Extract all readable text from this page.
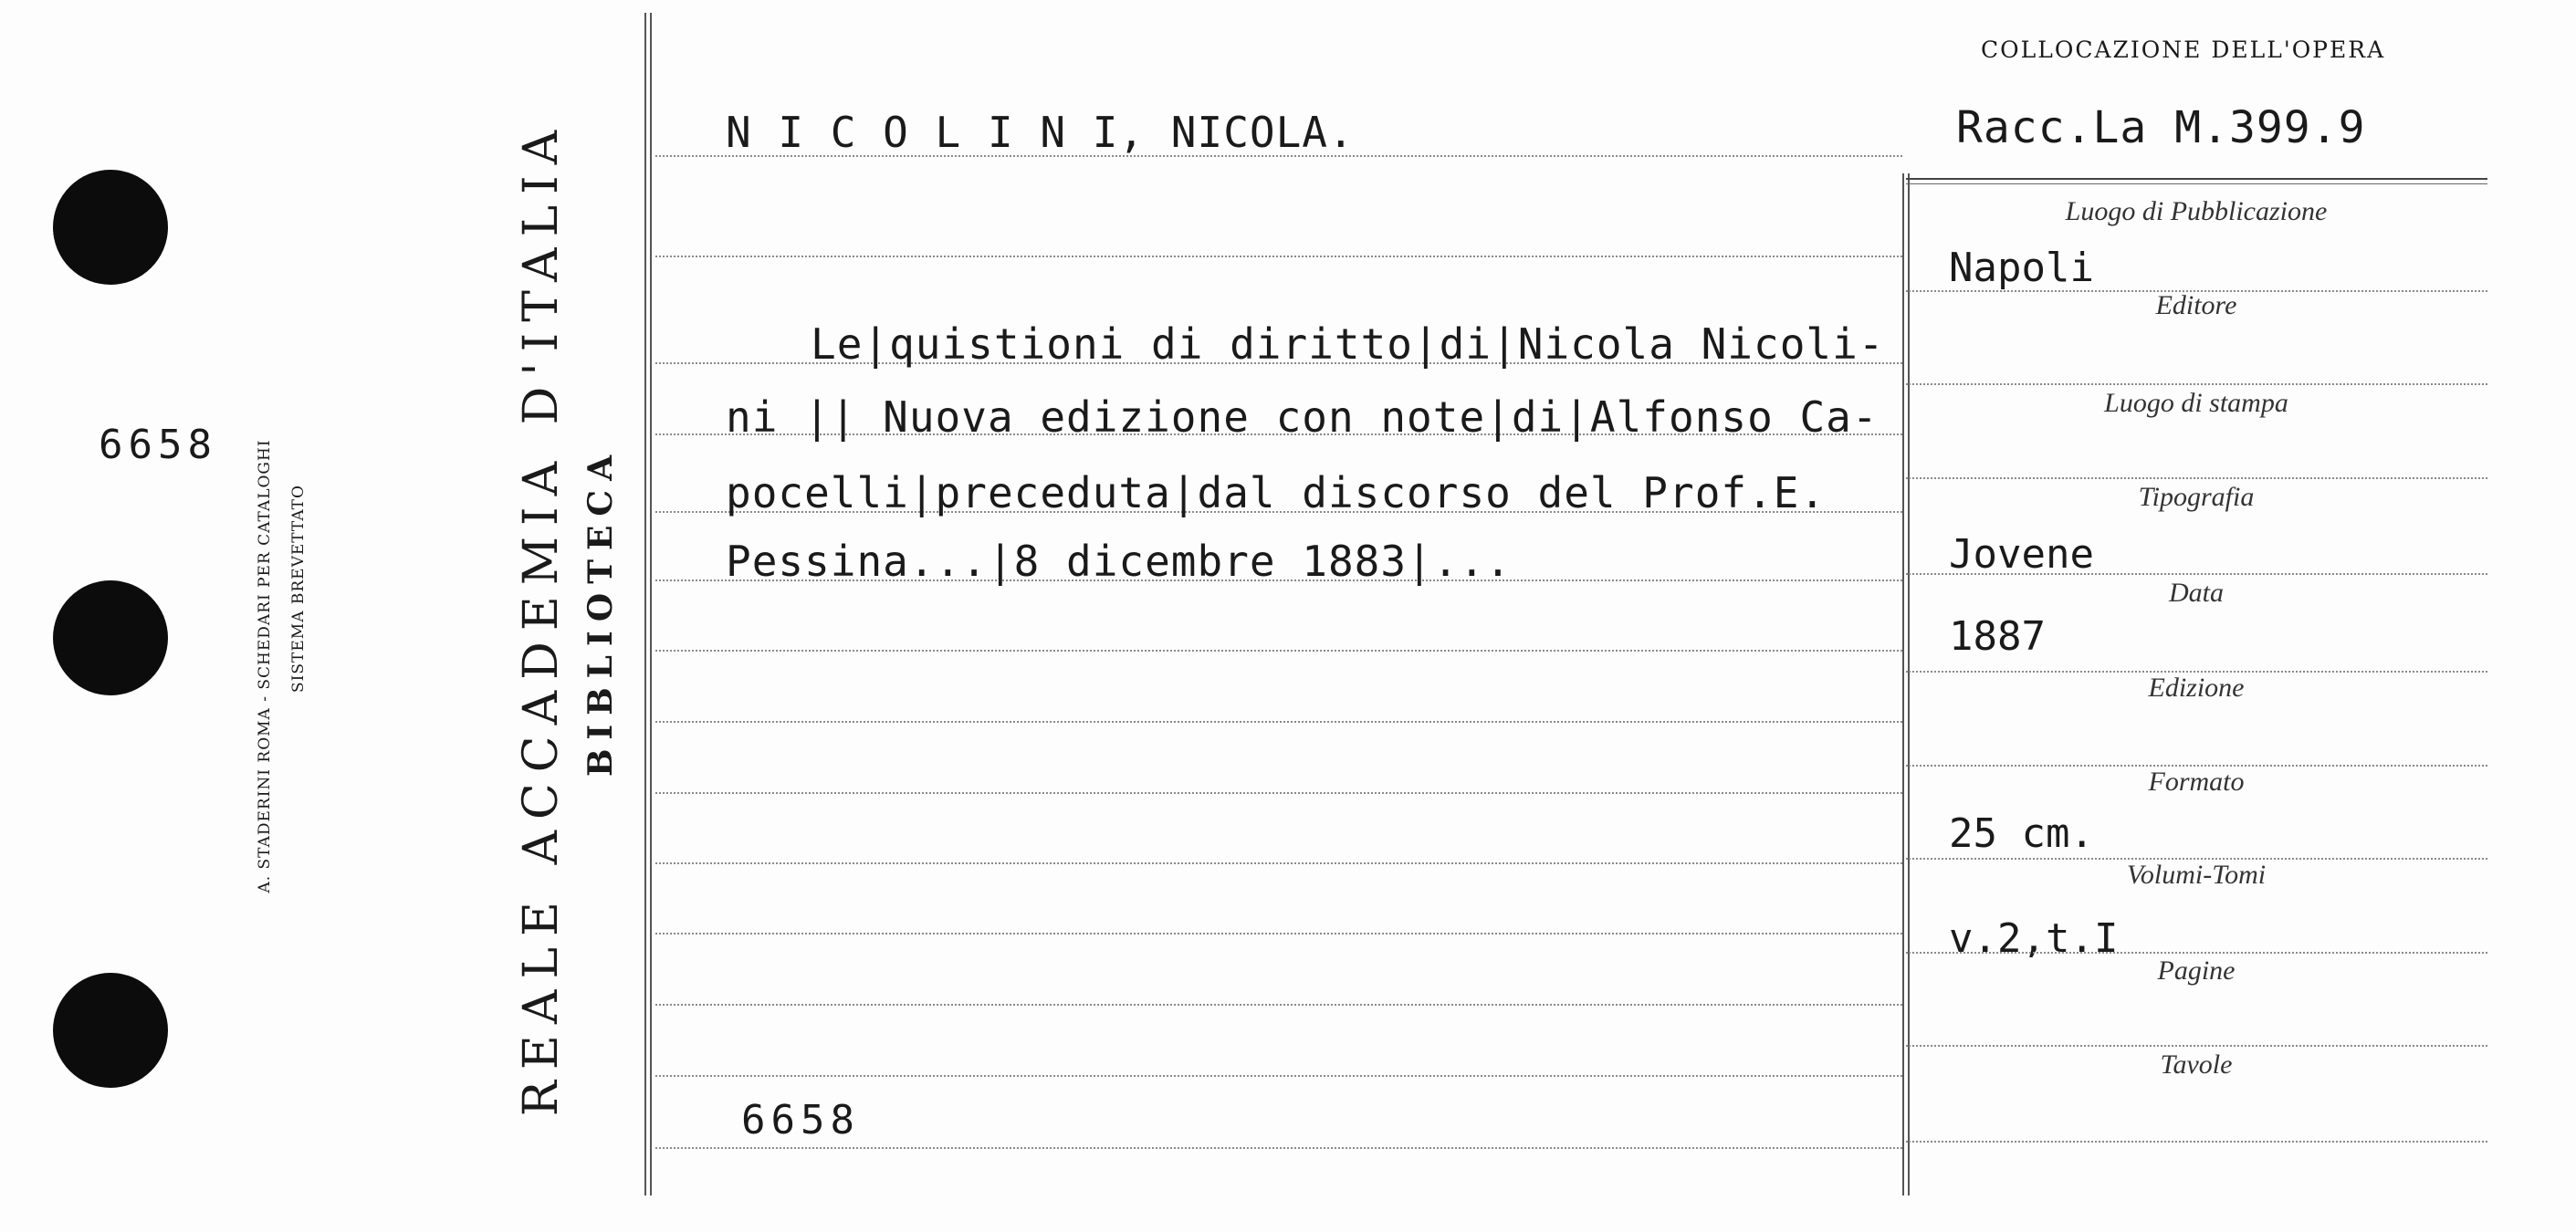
6658 A. STADERINI ROMA - SCHEDARI PER CATALOGHI SISTEMA BREVETTATO	REALE ACCADEMIA D'ITALIA BIBLIOTECA
COLLOCAZIONE DELL'OPERA
N I C O L I N I, NICOLA.	Racc.La M.399.9
Le|quistioni di diritto|di|Nicola Nicoli-
ni || Nuova edizione con note|di|Alfonso Ca-
pocelli|preceduta|dal discorso del Prof.E.
Pessina...|8 dicembre 1883|...
6658
Luogo di Pubblicazione
Editore
Luogo di stampa
Tipografia
Data
Edizione
Formato
Volumi-Tomi
Pagine
Tavole
Napoli
Jovene
1887
25 cm.
v.2,t.I
